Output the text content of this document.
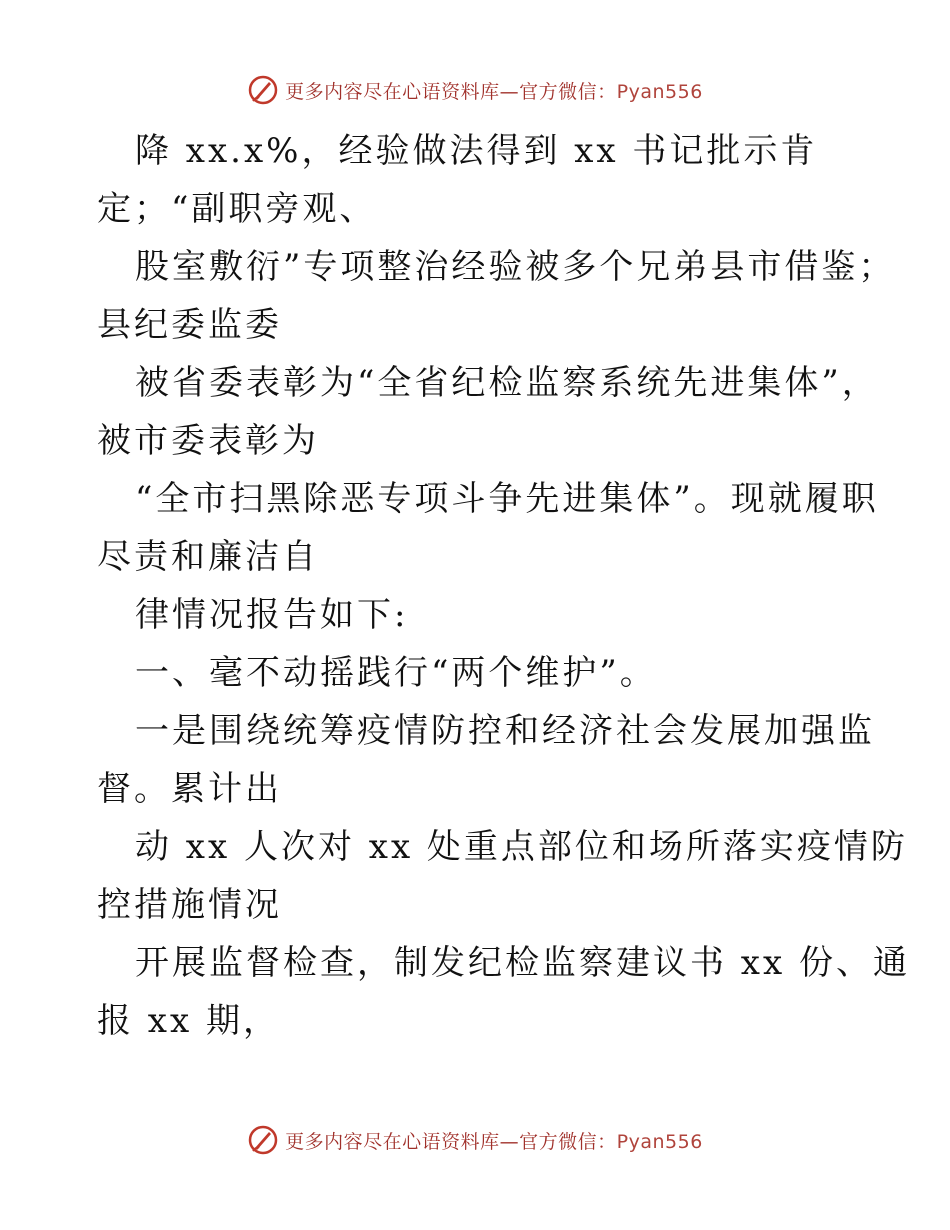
更多内容尽在心语资料库—官方微信：Pyan556
降 xx.x%，经验做法得到 xx 书记批示肯
定；“副职旁观、
股室敷衍”专项整治经验被多个兄弟县市借鉴；
县纪委监委
被省委表彰为“全省纪检监察系统先进集体”，
被市委表彰为
“全市扫黑除恶专项斗争先进集体”。现就履职
尽责和廉洁自
律情况报告如下:
一、毫不动摇践行“两个维护”。
一是围绕统筹疫情防控和经济社会发展加强监
督。累计出
动 xx 人次对 xx 处重点部位和场所落实疫情防
控措施情况
开展监督检查，制发纪检监察建议书 xx 份、通
报 xx 期，
更多内容尽在心语资料库—官方微信：Pyan556
